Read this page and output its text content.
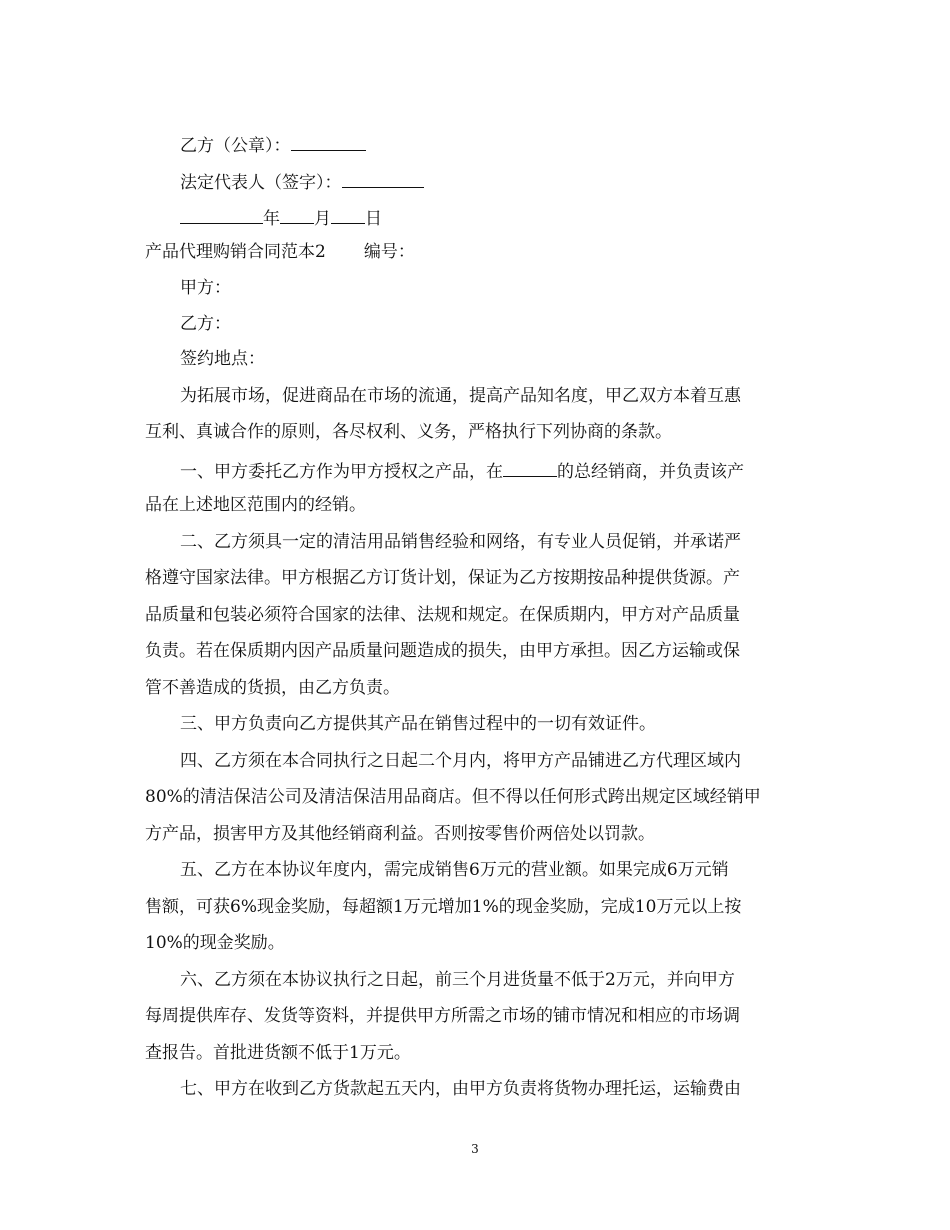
乙方（公章）：
法定代表人（签字）：
年 月 日
产品代理购销合同范本2 编号：
甲方：
乙方：
签约地点：
为拓展市场，促进商品在市场的流通，提高产品知名度，甲乙双方本着互惠
互利、真诚合作的原则，各尽权利、义务，严格执行下列协商的条款。
一、甲方委托乙方作为甲方授权之产品，在	的总经销商，并负责该产
品在上述地区范围内的经销。
二、乙方须具一定的清洁用品销售经验和网络，有专业人员促销，并承诺严
格遵守国家法律。甲方根据乙方订货计划，保证为乙方按期按品种提供货源。产
品质量和包装必须符合国家的法律、法规和规定。在保质期内，甲方对产品质量
负责。若在保质期内因产品质量问题造成的损失，由甲方承担。因乙方运输或保
管不善造成的货损，由乙方负责。
三、甲方负责向乙方提供其产品在销售过程中的一切有效证件。
四、乙方须在本合同执行之日起二个月内，将甲方产品铺进乙方代理区域内
80%的清洁保洁公司及清洁保洁用品商店。但不得以任何形式跨出规定区域经销甲
方产品，损害甲方及其他经销商利益。否则按零售价两倍处以罚款。
五、乙方在本协议年度内，需完成销售6万元的营业额。如果完成6万元销
售额，可获6%现金奖励，每超额1万元增加1%的现金奖励，完成10万元以上按
10%的现金奖励。
六、乙方须在本协议执行之日起，前三个月进货量不低于2万元，并向甲方
每周提供库存、发货等资料，并提供甲方所需之市场的铺市情况和相应的市场调
查报告。首批进货额不低于1万元。
七、甲方在收到乙方货款起五天内，由甲方负责将货物办理托运，运输费由
3
